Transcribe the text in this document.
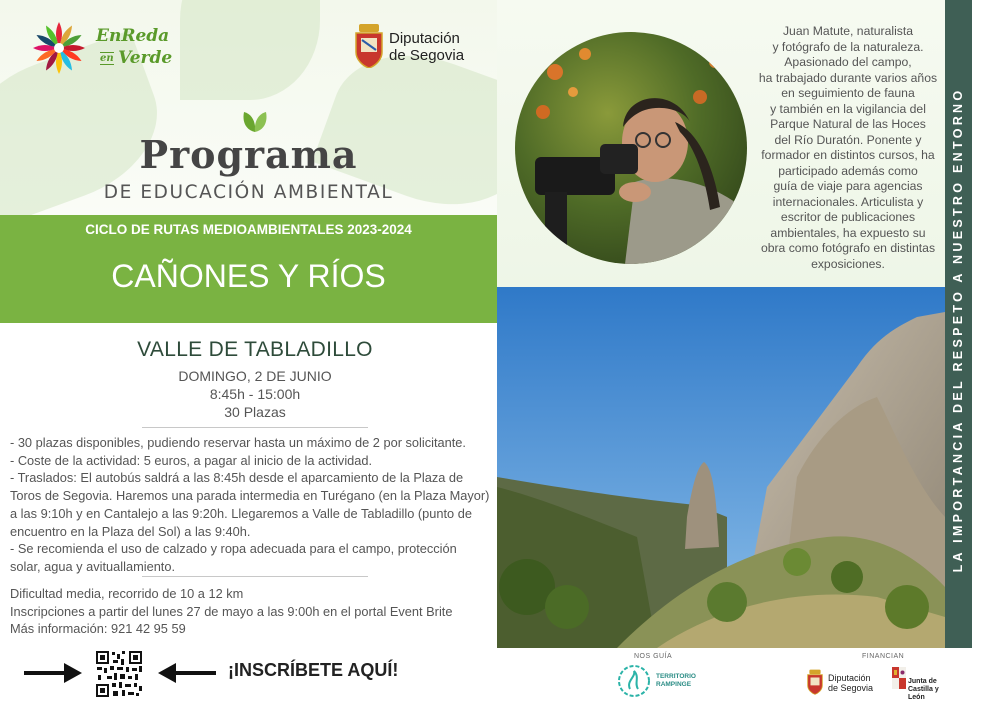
EnReda
en Verde
Diputación
de Segovia
Programa
DE EDUCACIÓN AMBIENTAL
CICLO DE RUTAS MEDIOAMBIENTALES 2023-2024
CAÑONES Y RÍOS
VALLE DE TABLADILLO
DOMINGO, 2 DE JUNIO
8:45h - 15:00h
30 Plazas

- 30 plazas disponibles, pudiendo reservar hasta un máximo de 2 por solicitante.

- Coste de la actividad: 5 euros, a pagar al inicio de la actividad.

- Traslados: El autobús saldrá a las 8:45h desde el aparcamiento de la Plaza de Toros de Segovia. Haremos una parada intermedia en Turégano (en la Plaza Mayor) a las 9:10h y en Cantalejo a las 9:20h. Llegaremos a Valle de Tabladillo (punto de encuentro en la Plaza del Sol) a las 9:40h.

- Se recomienda el uso de calzado y ropa adecuada para el campo, protección solar, agua y avituallamiento.

Dificultad media, recorrido de 10 a 12 km

Inscripciones a partir del lunes 27 de mayo a las 9:00h en el portal Event Brite

Más información: 921 42 95 59

¡INSCRÍBETE AQUÍ!

Juan Matute, naturalista

y fotógrafo de la naturaleza.

Apasionado del campo,

ha trabajado durante varios años

en seguimiento de fauna

y también en la vigilancia del

Parque Natural de las Hoces

del Río Duratón. Ponente y

formador en distintos cursos, ha

participado además como

guía de viaje para agencias

internacionales. Articulista y

escritor de publicaciones

ambientales, ha expuesto su

obra como fotógrafo en distintas

exposiciones.	LA IMPORTANCIA DEL RESPETO A NUESTRO ENTORNO
NOS GUÍA
TERRITORIO
RAMPINGE
FINANCIAN
Diputación
de Segovia
Junta de
Castilla y León
